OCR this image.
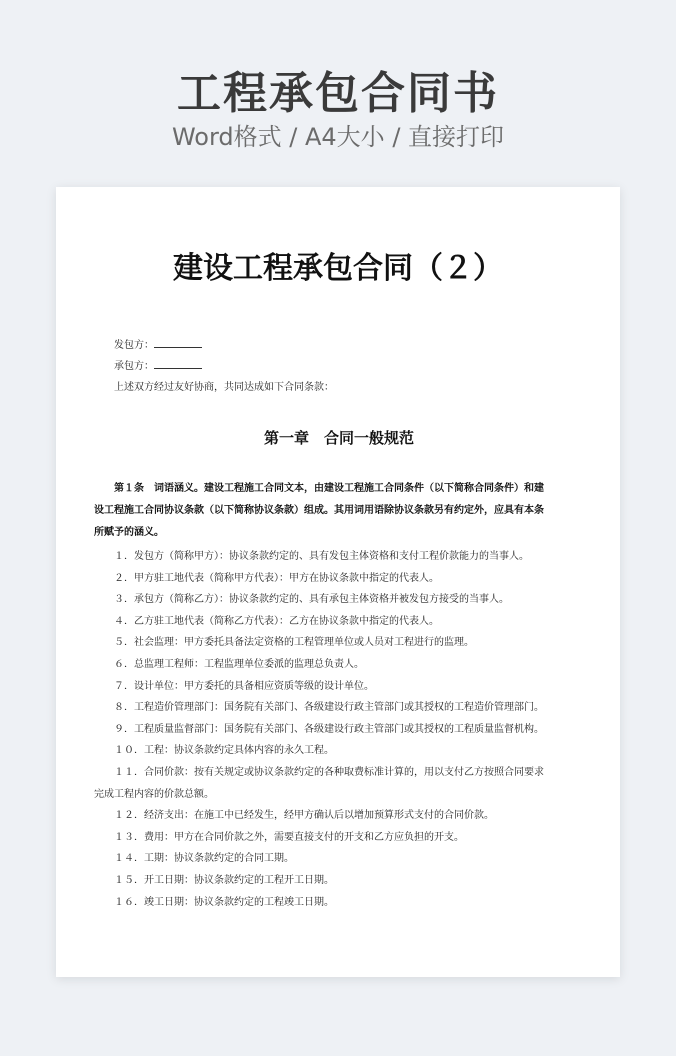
工程承包合同书
Word格式 / A4大小 / 直接打印
建设工程承包合同（２）
发包方：
承包方：
上述双方经过友好协商，共同达成如下合同条款：
第一章　合同一般规范
第１条　词语涵义。建设工程施工合同文本，由建设工程施工合同条件（以下简称合同条件）和建设工程施工合同协议条款（以下简称协议条款）组成。其用词用语除协议条款另有约定外，应具有本条所赋予的涵义。
１．发包方（简称甲方）：协议条款约定的、具有发包主体资格和支付工程价款能力的当事人。
２．甲方驻工地代表（简称甲方代表）：甲方在协议条款中指定的代表人。
３．承包方（简称乙方）：协议条款约定的、具有承包主体资格并被发包方接受的当事人。
４．乙方驻工地代表（简称乙方代表）：乙方在协议条款中指定的代表人。
５．社会监理：甲方委托具备法定资格的工程管理单位或人员对工程进行的监理。
６．总监理工程师：工程监理单位委派的监理总负责人。
７．设计单位：甲方委托的具备相应资质等级的设计单位。
８．工程造价管理部门：国务院有关部门、各级建设行政主管部门或其授权的工程造价管理部门。
９．工程质量监督部门：国务院有关部门、各级建设行政主管部门或其授权的工程质量监督机构。
１０．工程：协议条款约定具体内容的永久工程。
１１．合同价款：按有关规定或协议条款约定的各种取费标准计算的，用以支付乙方按照合同要求完成工程内容的价款总额。
１２．经济支出：在施工中已经发生，经甲方确认后以增加预算形式支付的合同价款。
１３．费用：甲方在合同价款之外，需要直接支付的开支和乙方应负担的开支。
１４．工期：协议条款约定的合同工期。
１５．开工日期：协议条款约定的工程开工日期。
１６．竣工日期：协议条款约定的工程竣工日期。
